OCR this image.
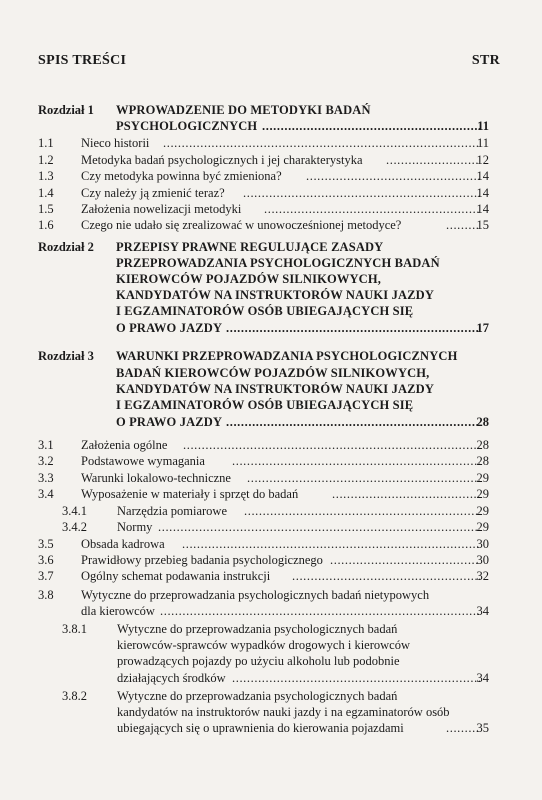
SPIS TREŚCI	STR
Rozdział 1 WPROWADZENIE DO METODYKI BADAŃ
PSYCHOLOGICZNYCH .....	11
1.1 Nieco historii .....	11
1.2 Metodyka badań psychologicznych i jej charakterystyka .....	12
1.3 Czy metodyka powinna być zmieniona? .....	14
1.4 Czy należy ją zmienić teraz? .....	14
1.5 Założenia nowelizacji metodyki .....	14
1.6 Czego nie udało się zrealizować w unowocześnionej metodyce? .....	15
Rozdział 2 PRZEPISY PRAWNE REGULUJĄCE ZASADY
PRZEPROWADZANIA PSYCHOLOGICZNYCH BADAŃ
KIEROWCÓW POJAZDÓW SILNIKOWYCH,
KANDYDATÓW NA INSTRUKTORÓW NAUKI JAZDY
I EGZAMINATORÓW OSÓB UBIEGAJĄCYCH SIĘ
O PRAWO JAZDY .....	17
Rozdział 3 WARUNKI PRZEPROWADZANIA PSYCHOLOGICZNYCH
BADAŃ KIEROWCÓW POJAZDÓW SILNIKOWYCH,
KANDYDATÓW NA INSTRUKTORÓW NAUKI JAZDY
I EGZAMINATORÓW OSÓB UBIEGAJĄCYCH SIĘ
O PRAWO JAZDY .....	28
3.1 Założenia ogólne .....	28
3.2 Podstawowe wymagania .....	28
3.3 Warunki lokalowo-techniczne .....	29
3.4 Wyposażenie w materiały i sprzęt do badań .....	29
3.4.1 Narzędzia pomiarowe .....	29
3.4.2 Normy .....	29
3.5 Obsada kadrowa .....	30
3.6 Prawidłowy przebieg badania psychologicznego .....	30
3.7 Ogólny schemat podawania instrukcji .....	32
3.8 Wytyczne do przeprowadzania psychologicznych badań nietypowych
dla kierowców .....	34
3.8.1 Wytyczne do przeprowadzania psychologicznych badań
kierowców-sprawców wypadków drogowych i kierowców
prowadzących pojazdy po użyciu alkoholu lub podobnie
działających środków .....	34
3.8.2 Wytyczne do przeprowadzania psychologicznych badań
kandydatów na instruktorów nauki jazdy i na egzaminatorów osób
ubiegających się o uprawnienia do kierowania pojazdami .....	35
